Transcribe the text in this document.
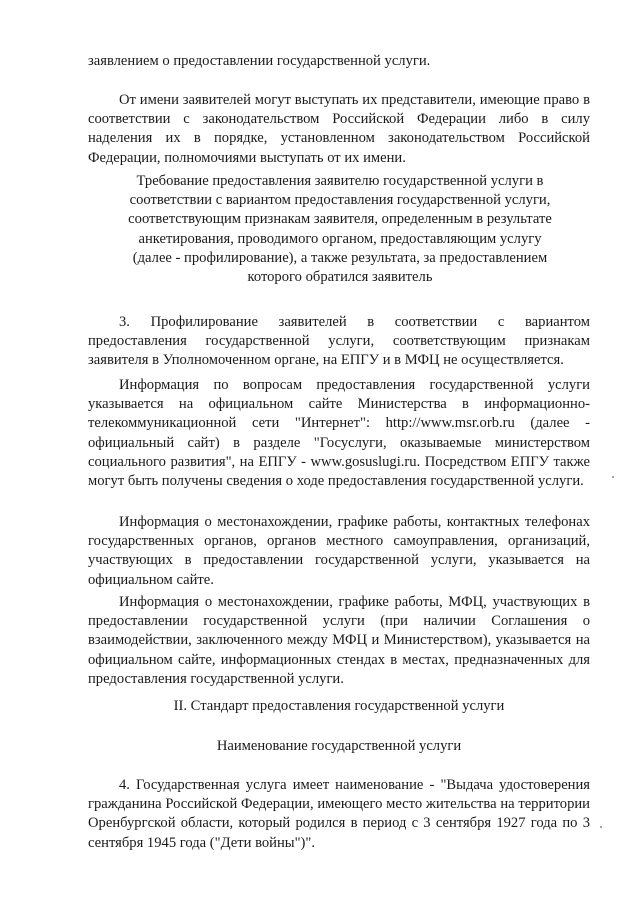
заявлением о предоставлении государственной услуги.

От имени заявителей могут выступать их представители, имеющие право в соответствии с законодательством Российской Федерации либо в силу наделения их в порядке, установленном законодательством Российской Федерации, полномочиями выступать от их имени.

Требование предоставления заявителю государственной услуги в соответствии с вариантом предоставления государственной услуги, соответствующим признакам заявителя, определенным в результате анкетирования, проводимого органом, предоставляющим услугу (далее - профилирование), а также результата, за предоставлением которого обратился заявитель

3. Профилирование заявителей в соответствии с вариантом предоставления государственной услуги, соответствующим признакам заявителя в Уполномоченном органе, на ЕПГУ и в МФЦ не осуществляется.

Информация по вопросам предоставления государственной услуги указывается на официальном сайте Министерства в информационно-телекоммуникационной сети "Интернет": http://www.msr.orb.ru (далее - официальный сайт) в разделе "Госуслуги, оказываемые министерством социального развития", на ЕПГУ - www.gosuslugi.ru. Посредством ЕПГУ также могут быть получены сведения о ходе предоставления государственной услуги.

Информация о местонахождении, графике работы, контактных телефонах государственных органов, органов местного самоуправления, организаций, участвующих в предоставлении государственной услуги, указывается на официальном сайте.

Информация о местонахождении, графике работы, МФЦ, участвующих в предоставлении государственной услуги (при наличии Соглашения о взаимодействии, заключенного между МФЦ и Министерством), указывается на официальном сайте, информационных стендах в местах, предназначенных для предоставления государственной услуги.

II. Стандарт предоставления государственной услуги

Наименование государственной услуги

4. Государственная услуга имеет наименование - "Выдача удостоверения гражданина Российской Федерации, имеющего место жительства на территории Оренбургской области, который родился в период с 3 сентября 1927 года по 3 сентября 1945 года ("Дети войны")".
